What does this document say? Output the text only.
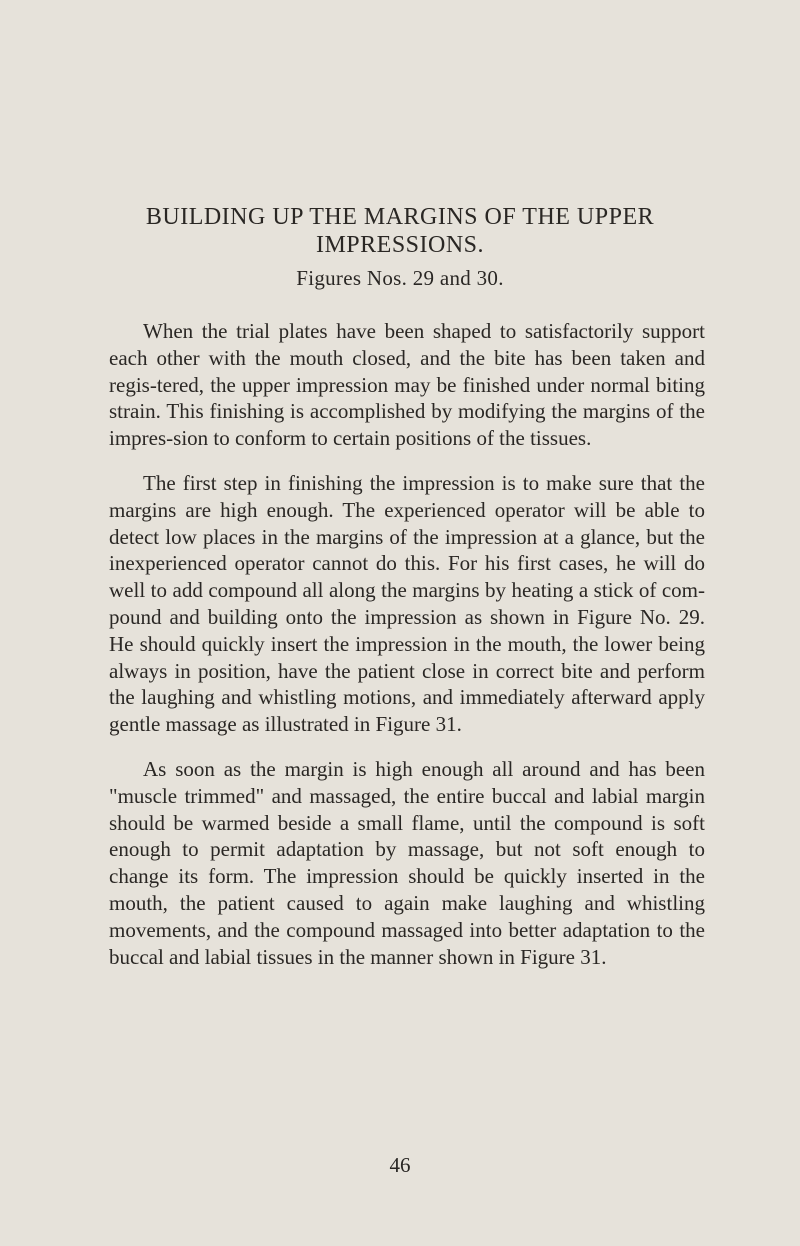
BUILDING UP THE MARGINS OF THE UPPER
IMPRESSIONS.
Figures Nos. 29 and 30.

When the trial plates have been shaped to satisfactorily support each other with the mouth closed, and the bite has been taken and regis-tered, the upper impression may be finished under normal biting strain. This finishing is accomplished by modifying the margins of the impres-sion to conform to certain positions of the tissues.

The first step in finishing the impression is to make sure that the margins are high enough. The experienced operator will be able to detect low places in the margins of the impression at a glance, but the inexperienced operator cannot do this. For his first cases, he will do well to add compound all along the margins by heating a stick of com-pound and building onto the impression as shown in Figure No. 29. He should quickly insert the impression in the mouth, the lower being always in position, have the patient close in correct bite and perform the laughing and whistling motions, and immediately afterward apply gentle massage as illustrated in Figure 31.

As soon as the margin is high enough all around and has been "muscle trimmed" and massaged, the entire buccal and labial margin should be warmed beside a small flame, until the compound is soft enough to permit adaptation by massage, but not soft enough to change its form. The impression should be quickly inserted in the mouth, the patient caused to again make laughing and whistling movements, and the compound massaged into better adaptation to the buccal and labial tissues in the manner shown in Figure 31.

46
